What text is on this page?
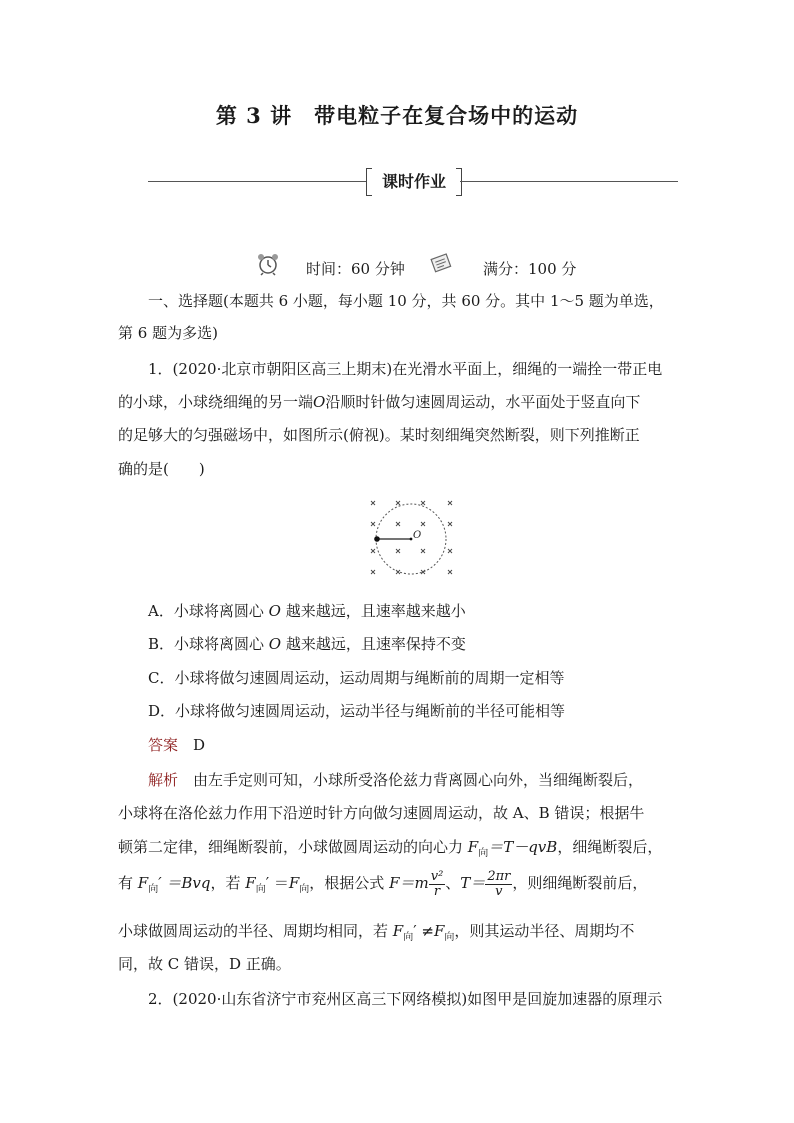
第 3 讲　带电粒子在复合场中的运动
课时作业
时间：60 分钟	满分：100 分

一、选择题(本题共 6 小题，每小题 10 分，共 60 分。其中 1～5 题为单选，

第 6 题为多选)

1．(2020·北京市朝阳区高三上期末)在光滑水平面上，细绳的一端拴一带正电

的小球，小球绕细绳的另一端O沿顺时针做匀速圆周运动，水平面处于竖直向下

的足够大的匀强磁场中，如图所示(俯视)。某时刻细绳突然断裂，则下列推断正

确的是(　　)

O

A．小球将离圆心 O 越来越远，且速率越来越小

B．小球将离圆心 O 越来越远，且速率保持不变

C．小球将做匀速圆周运动，运动周期与绳断前的周期一定相等

D．小球将做匀速圆周运动，运动半径与绳断前的半径可能相等

答案　 D

解析　 由左手定则可知，小球所受洛伦兹力背离圆心向外，当细绳断裂后，

小球将在洛伦兹力作用下沿逆时针方向做匀速圆周运动，故 A、B 错误；根据牛

顿第二定律，细绳断裂前，小球做圆周运动的向心力 $F_向=T-qvB$，细绳断裂后，

有 $F_向' =Bvq$，若 $F_向' =F_向$，根据公式 $F=m \frac{\text{v²}}{r}$ 、$T= \frac{2\pi r}{v}$ ，则细绳断裂前后，

小球做圆周运动的半径、周期均相同，若 $F_向' \ne F_向$，则其运动半径、周期均不

同，故 C 错误，D 正确。

2．(2020·山东省济宁市兖州区高三下网络模拟)如图甲是回旋加速器的原理示
